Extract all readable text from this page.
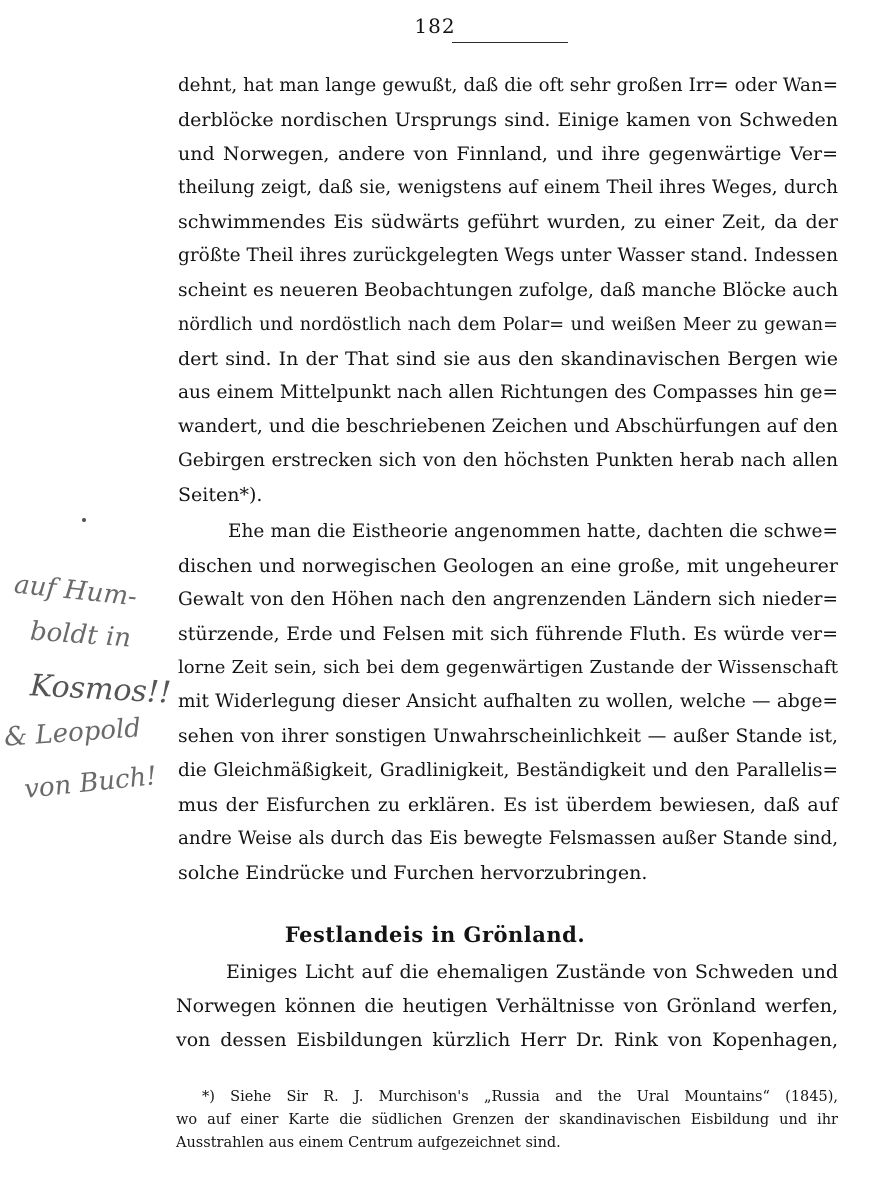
182
dehnt, hat man lange gewußt, daß die oft sehr großen Irr= oder Wan=
derblöcke nordischen Ursprungs sind. Einige kamen von Schweden
und Norwegen, andere von Finnland, und ihre gegenwärtige Ver=
theilung zeigt, daß sie, wenigstens auf einem Theil ihres Weges, durch
schwimmendes Eis südwärts geführt wurden, zu einer Zeit, da der
größte Theil ihres zurückgelegten Wegs unter Wasser stand. Indessen
scheint es neueren Beobachtungen zufolge, daß manche Blöcke auch
nördlich und nordöstlich nach dem Polar= und weißen Meer zu gewan=
dert sind. In der That sind sie aus den skandinavischen Bergen wie
aus einem Mittelpunkt nach allen Richtungen des Compasses hin ge=
wandert, und die beschriebenen Zeichen und Abschürfungen auf den
Gebirgen erstrecken sich von den höchsten Punkten herab nach allen
Seiten*).
Ehe man die Eistheorie angenommen hatte, dachten die schwe=
dischen und norwegischen Geologen an eine große, mit ungeheurer
Gewalt von den Höhen nach den angrenzenden Ländern sich nieder=
stürzende, Erde und Felsen mit sich führende Fluth. Es würde ver=
lorne Zeit sein, sich bei dem gegenwärtigen Zustande der Wissenschaft
mit Widerlegung dieser Ansicht aufhalten zu wollen, welche — abge=
sehen von ihrer sonstigen Unwahrscheinlichkeit — außer Stande ist,
die Gleichmäßigkeit, Gradlinigkeit, Beständigkeit und den Parallelis=
mus der Eisfurchen zu erklären. Es ist überdem bewiesen, daß auf
andre Weise als durch das Eis bewegte Felsmassen außer Stande sind,
solche Eindrücke und Furchen hervorzubringen.
Festlandeis in Grönland.
Einiges Licht auf die ehemaligen Zustände von Schweden und
Norwegen können die heutigen Verhältnisse von Grönland werfen,
von dessen Eisbildungen kürzlich Herr Dr. Rink von Kopenhagen,
*) Siehe Sir R. J. Murchison's „Russia and the Ural Mountains“ (1845),
wo auf einer Karte die südlichen Grenzen der skandinavischen Eisbildung und ihr
Ausstrahlen aus einem Centrum aufgezeichnet sind.
auf Hum-
boldt in
Kosmos!!
& Leopold
von Buch!
